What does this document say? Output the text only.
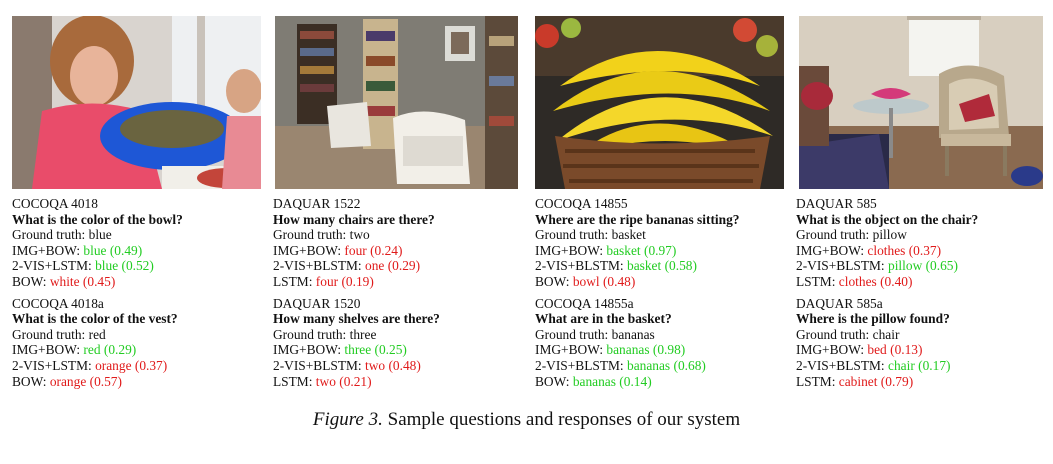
COCOQA 4018
What is the color of the bowl?
Ground truth: blue
IMG+BOW: blue (0.49)
2-VIS+LSTM: blue (0.52)
BOW: white (0.45)
COCOQA 4018a
What is the color of the vest?
Ground truth: red
IMG+BOW: red (0.29)
2-VIS+LSTM: orange (0.37)
BOW: orange (0.57)
DAQUAR 1522
How many chairs are there?
Ground truth: two
IMG+BOW: four (0.24)
2-VIS+BLSTM: one (0.29)
LSTM: four (0.19)
DAQUAR 1520
How many shelves are there?
Ground truth: three
IMG+BOW: three (0.25)
2-VIS+BLSTM: two (0.48)
LSTM: two (0.21)
COCOQA 14855
Where are the ripe bananas sitting?
Ground truth: basket
IMG+BOW: basket (0.97)
2-VIS+BLSTM: basket (0.58)
BOW: bowl (0.48)
COCOQA 14855a
What are in the basket?
Ground truth: bananas
IMG+BOW: bananas (0.98)
2-VIS+BLSTM: bananas (0.68)
BOW: bananas (0.14)
DAQUAR 585
What is the object on the chair?
Ground truth: pillow
IMG+BOW: clothes (0.37)
2-VIS+BLSTM: pillow (0.65)
LSTM: clothes (0.40)
DAQUAR 585a
Where is the pillow found?
Ground truth: chair
IMG+BOW: bed (0.13)
2-VIS+BLSTM: chair (0.17)
LSTM: cabinet (0.79)
Figure 3. Sample questions and responses of our system
